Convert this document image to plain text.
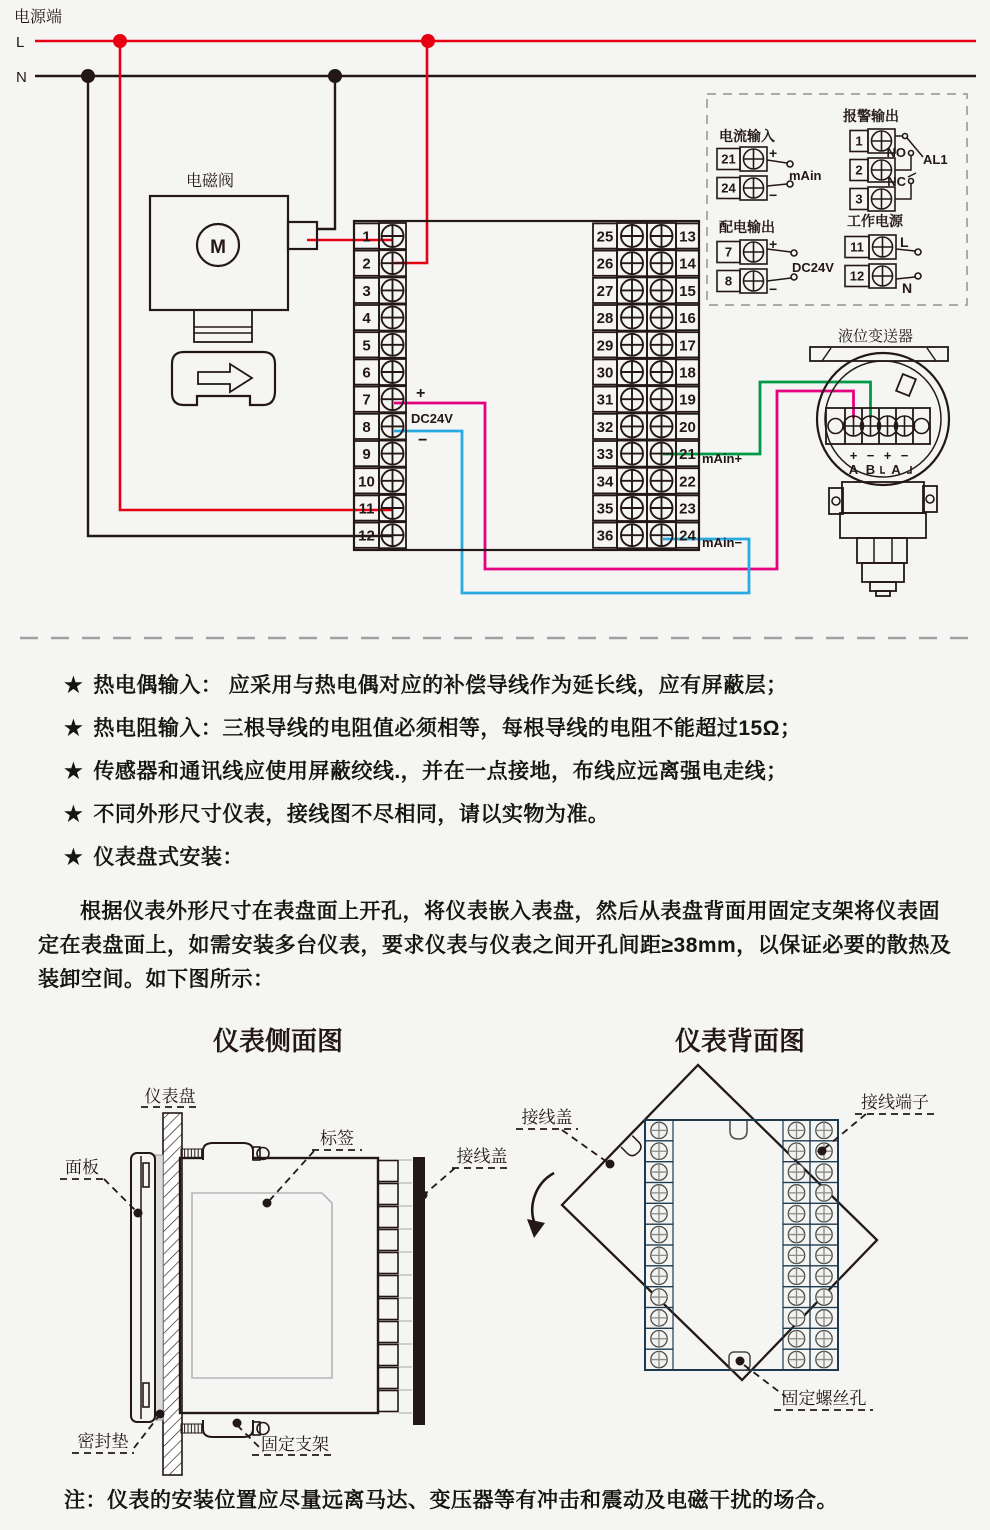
电源端
L
N
电磁阀
M	1
2
3
4
5
6
7
8
9
10
11
12
25	13
26	14
27	15
28	16
29	17
30	18
31	19
32	20
33	21
34	22
35	23
36	24
+
DC24V
−
mAin+
mAin−
电流输入
21
24
+
−
mAin
报警输出
1
2
3
NO
NC
AL1
配电输出
7
8
+
−
DC24V
工作电源
11
12
L
N
液位变送器
+ − + −
A B A
★ 热电偶输入： 应采用与热电偶对应的补偿导线作为延长线，应有屏蔽层；
★ 热电阻输入：三根导线的电阻值必须相等，每根导线的电阻不能超过15Ω；
★ 传感器和通讯线应使用屏蔽绞线.，并在一点接地，布线应远离强电走线；
★ 不同外形尺寸仪表，接线图不尽相同，请以实物为准。
★ 仪表盘式安装：
根据仪表外形尺寸在表盘面上开孔，将仪表嵌入表盘，然后从表盘背面用固定支架将仪表固定在表盘面上，如需安装多台仪表，要求仪表与仪表之间开孔间距≥38mm，以保证必要的散热及装卸空间。如下图所示：
仪表侧面图
仪表盘
面板
标签
接线盖
密封垫	固定支架
仪表背面图
接线盖
接线端子
固定螺丝孔
注：仪表的安装位置应尽量远离马达、变压器等有冲击和震动及电磁干扰的场合。
